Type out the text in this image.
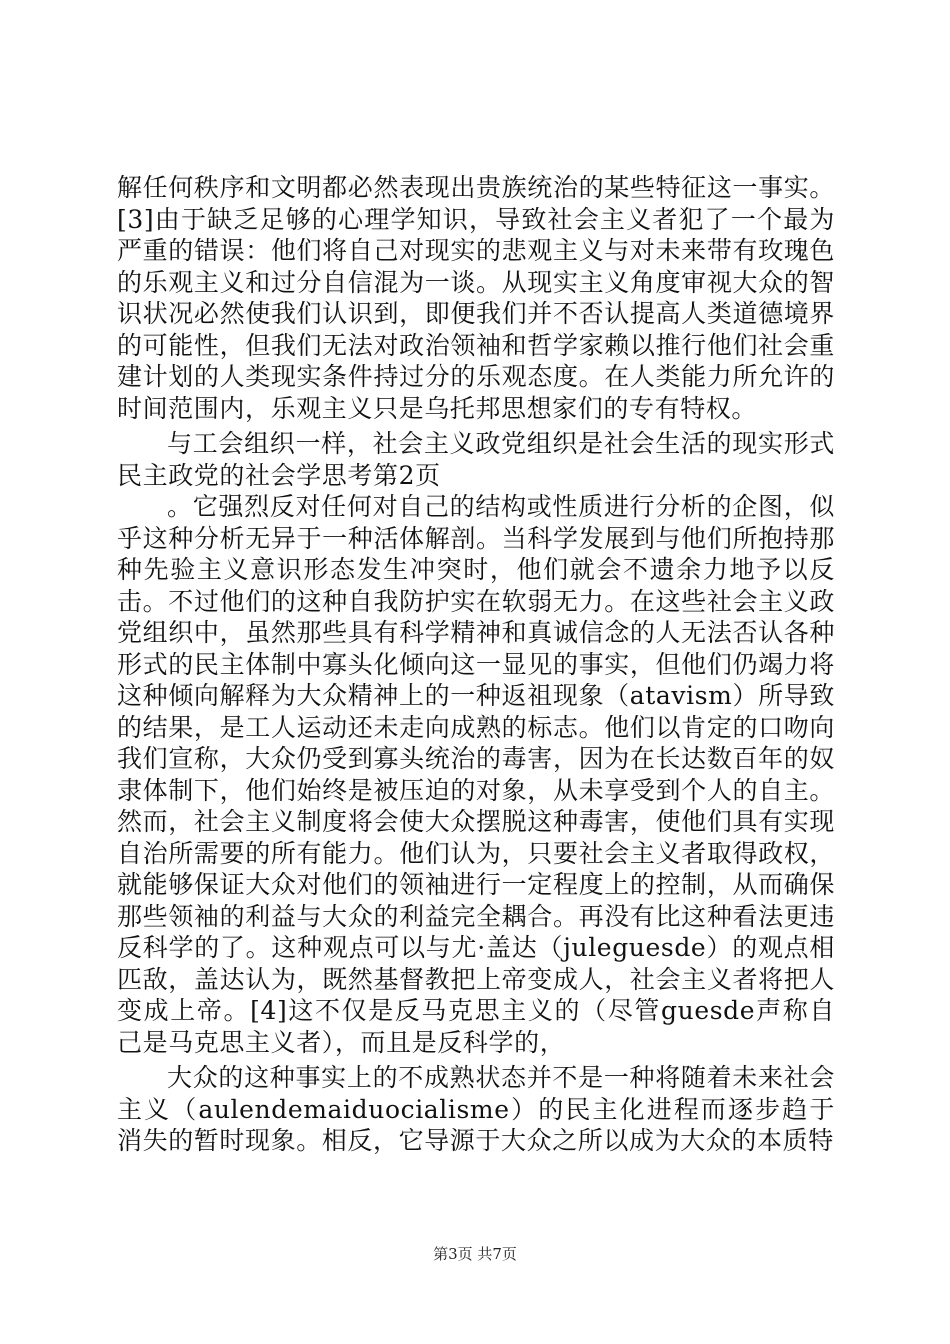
解任何秩序和文明都必然表现出贵族统治的某些特征这一事实。[3]由于缺乏足够的心理学知识，导致社会主义者犯了一个最为严重的错误：他们将自己对现实的悲观主义与对未来带有玫瑰色的乐观主义和过分自信混为一谈。从现实主义角度审视大众的智识状况必然使我们认识到，即便我们并不否认提高人类道德境界的可能性，但我们无法对政治领袖和哲学家赖以推行他们社会重建计划的人类现实条件持过分的乐观态度。在人类能力所允许的时间范围内，乐观主义只是乌托邦思想家们的专有特权。

与工会组织一样，社会主义政党组织是社会生活的现实形式民主政党的社会学思考第2页

。它强烈反对任何对自己的结构或性质进行分析的企图，似乎这种分析无异于一种活体解剖。当科学发展到与他们所抱持那种先验主义意识形态发生冲突时，他们就会不遗余力地予以反击。不过他们的这种自我防护实在软弱无力。在这些社会主义政党组织中，虽然那些具有科学精神和真诚信念的人无法否认各种形式的民主体制中寡头化倾向这一显见的事实，但他们仍竭力将这种倾向解释为大众精神上的一种返祖现象（atavism）所导致的结果，是工人运动还未走向成熟的标志。他们以肯定的口吻向我们宣称，大众仍受到寡头统治的毒害，因为在长达数百年的奴隶体制下，他们始终是被压迫的对象，从未享受到个人的自主。然而，社会主义制度将会使大众摆脱这种毒害，使他们具有实现自治所需要的所有能力。他们认为，只要社会主义者取得政权，就能够保证大众对他们的领袖进行一定程度上的控制，从而确保那些领袖的利益与大众的利益完全耦合。再没有比这种看法更违反科学的了。这种观点可以与尤·盖达（juleguesde）的观点相匹敌，盖达认为，既然基督教把上帝变成人，社会主义者将把人变成上帝。[4]这不仅是反马克思主义的（尽管guesde声称自己是马克思主义者），而且是反科学的，

大众的这种事实上的不成熟状态并不是一种将随着未来社会主义（aulendemaiduocialisme）的民主化进程而逐步趋于消失的暂时现象。相反，它导源于大众之所以成为大众的本质特

第3页 共7页
